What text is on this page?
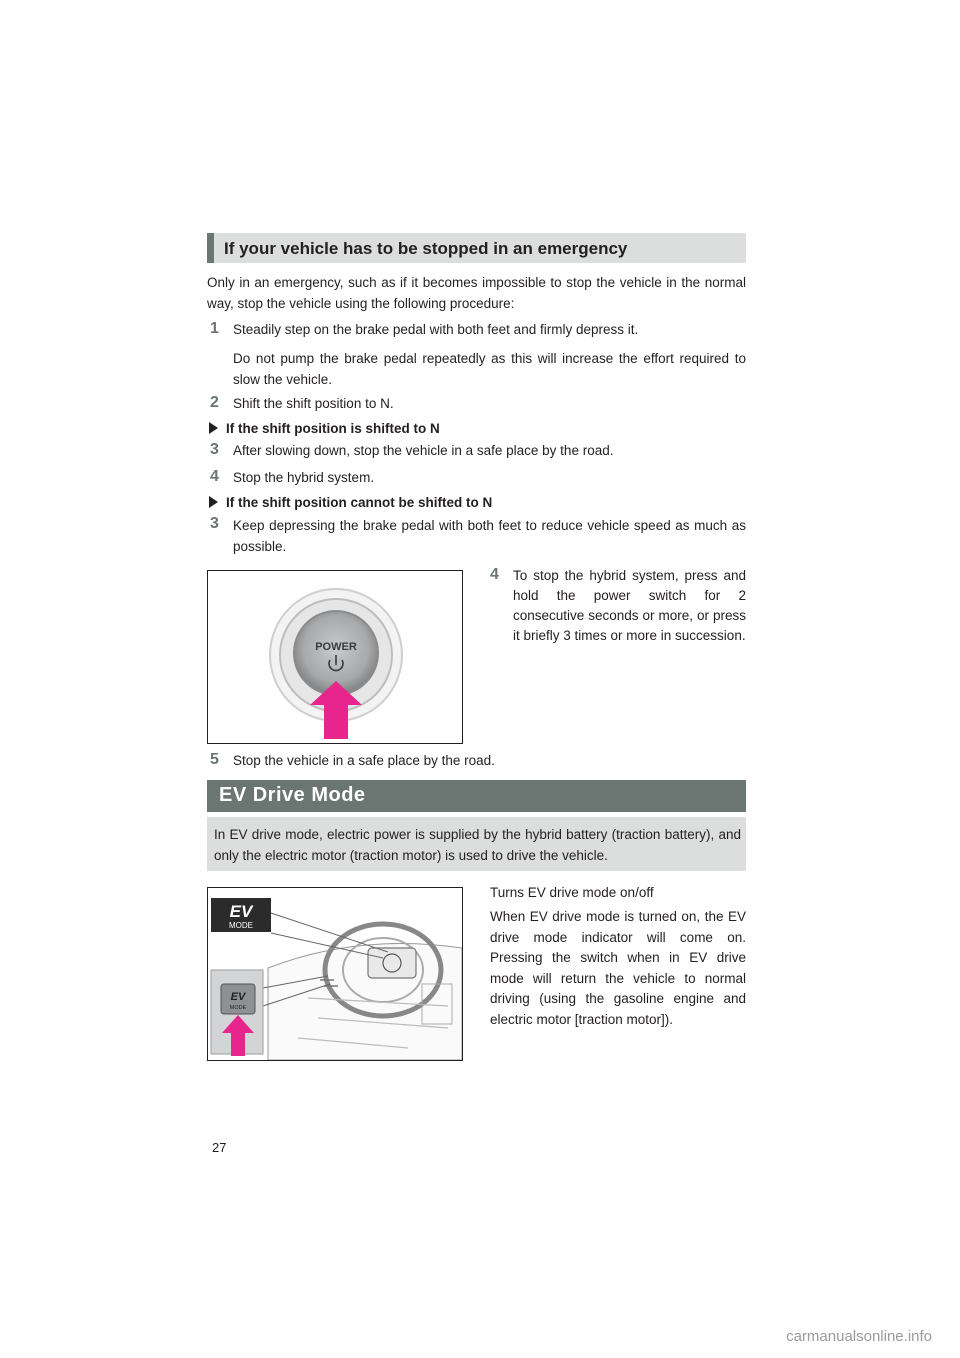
If your vehicle has to be stopped in an emergency
Only in an emergency, such as if it becomes impossible to stop the vehicle in the normal way, stop the vehicle using the following procedure:
1 Steadily step on the brake pedal with both feet and firmly depress it.
Do not pump the brake pedal repeatedly as this will increase the effort required to slow the vehicle.
2 Shift the shift position to N.
If the shift position is shifted to N
3 After slowing down, stop the vehicle in a safe place by the road.
4 Stop the hybrid system.
If the shift position cannot be shifted to N
3 Keep depressing the brake pedal with both feet to reduce vehicle speed as much as possible.
POWER
4 To stop the hybrid system, press and hold the power switch for 2 consecutive seconds or more, or press it briefly 3 times or more in succession.
5 Stop the vehicle in a safe place by the road.
EV Drive Mode
In EV drive mode, electric power is supplied by the hybrid battery (traction battery), and only the electric motor (traction motor) is used to drive the vehicle.
EV
MODE
EV
MODE
Turns EV drive mode on/off
When EV drive mode is turned on, the EV drive mode indicator will come on. Pressing the switch when in EV drive mode will return the vehicle to normal driving (using the gasoline engine and electric motor [traction motor]).
27
carmanualsonline.info
